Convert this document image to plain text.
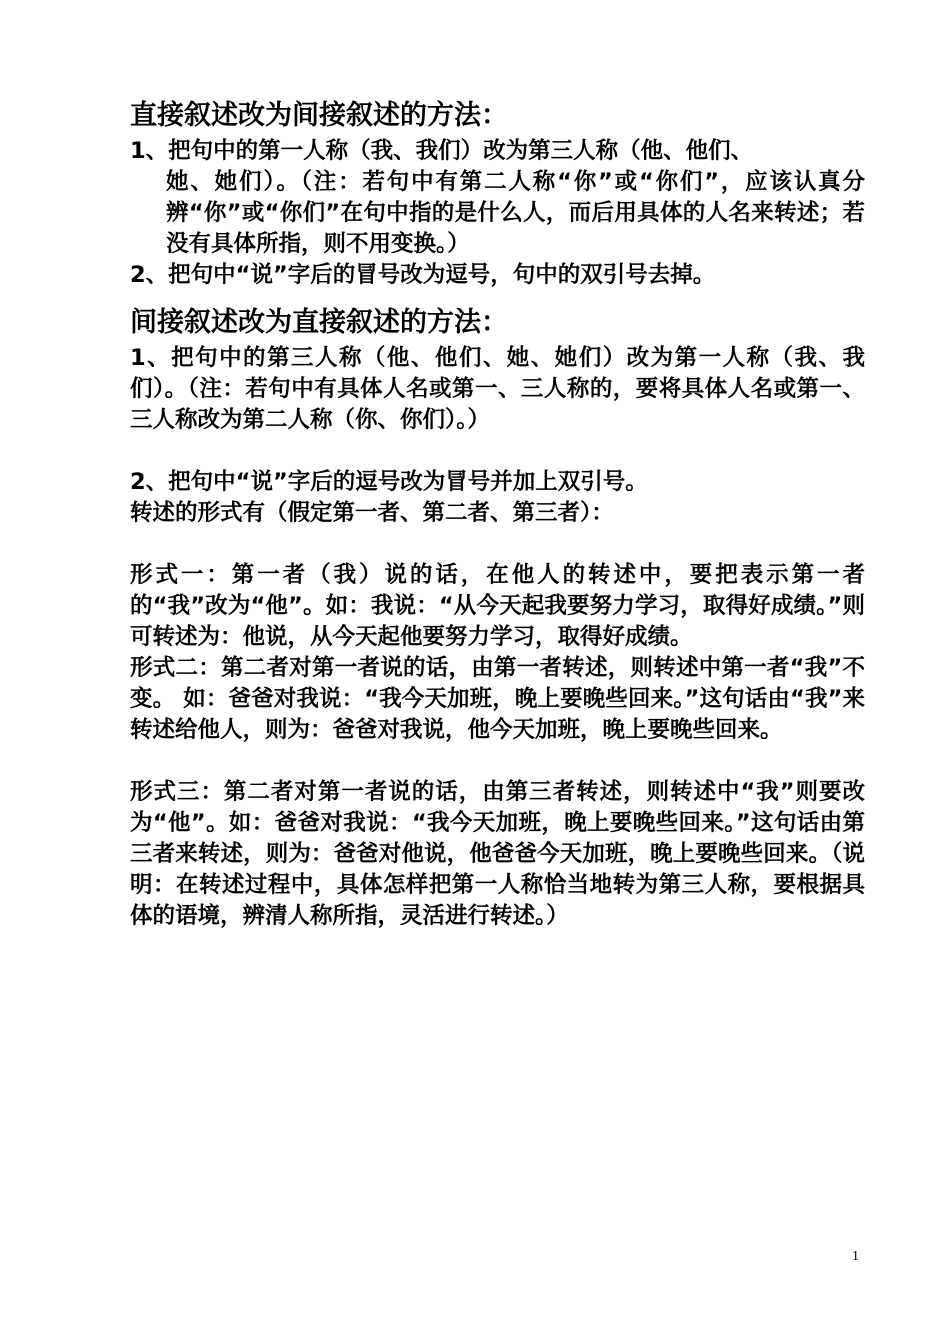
直接叙述改为间接叙述的方法：

1、把句中的第一人称（我、我们）改为第三人称（他、他们、

她、她们）。（注：若句中有第二人称“你”或“你们”，应该认真分辨“你”或“你们”在句中指的是什么人，而后用具体的人名来转述；若没有具体所指，则不用变换。）

2、把句中“说”字后的冒号改为逗号，句中的双引号去掉。

间接叙述改为直接叙述的方法：

1、把句中的第三人称（他、他们、她、她们）改为第一人称（我、我们）。（注：若句中有具体人名或第一、三人称的，要将具体人名或第一、三人称改为第二人称（你、你们）。）

2、把句中“说”字后的逗号改为冒号并加上双引号。

转述的形式有（假定第一者、第二者、第三者）：

形式一：第一者（我）说的话，在他人的转述中，要把表示第一者的“我”改为“他”。如：我说：“从今天起我要努力学习，取得好成绩。”则可转述为：他说，从今天起他要努力学习，取得好成绩。

形式二：第二者对第一者说的话，由第一者转述，则转述中第一者“我”不变。 如：爸爸对我说：“我今天加班，晚上要晚些回来。”这句话由“我”来转述给他人，则为：爸爸对我说，他今天加班，晚上要晚些回来。

形式三：第二者对第一者说的话，由第三者转述，则转述中“我”则要改为“他”。如：爸爸对我说：“我今天加班，晚上要晚些回来。”这句话由第三者来转述，则为：爸爸对他说，他爸爸今天加班，晚上要晚些回来。（说明：在转述过程中，具体怎样把第一人称恰当地转为第三人称，要根据具体的语境，辨清人称所指，灵活进行转述。）

1
